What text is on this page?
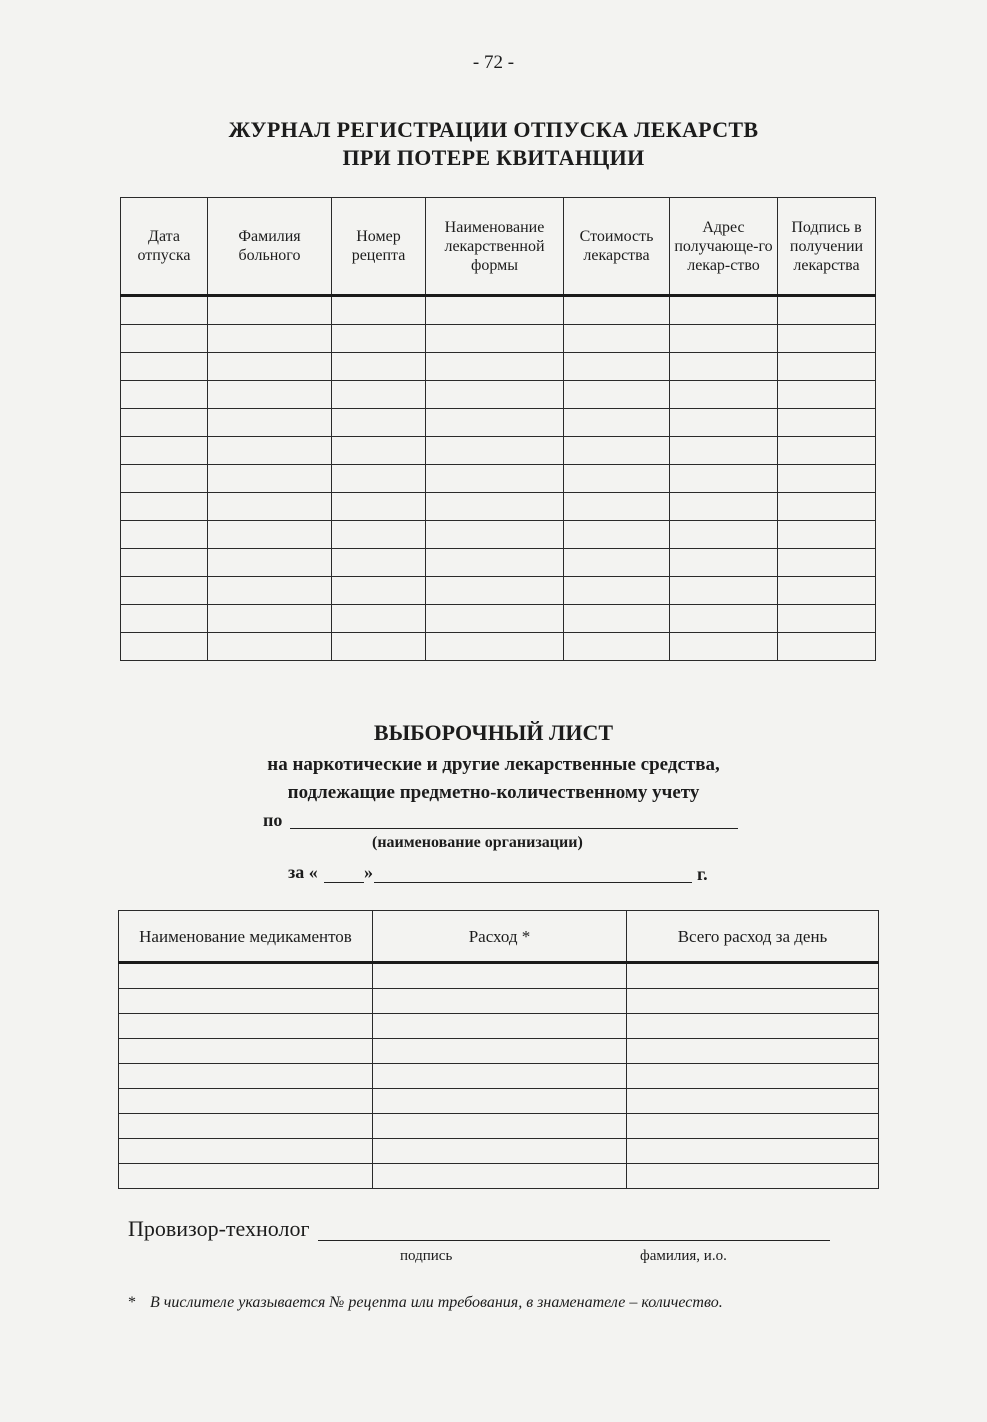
- 72 -
ЖУРНАЛ РЕГИСТРАЦИИ ОТПУСКА ЛЕКАРСТВ
ПРИ ПОТЕРЕ КВИТАНЦИИ
Дата отпуска	Фамилия больного	Номер рецепта	Наименование лекарственной формы	Стоимость лекарства	Адрес получающе-го лекар-ство	Подпись в получении лекарства

ВЫБОРОЧНЫЙ ЛИСТ
на наркотические и другие лекарственные средства,
подлежащие предметно-количественному учету
по
(наименование организации)
за «	»	г.
Наименование медикаментов	Расход *	Всего расход за день

Провизор-технолог
подпись	фамилия, и.о.
* В числителе указывается № рецепта или требования, в знаменателе – количество.
